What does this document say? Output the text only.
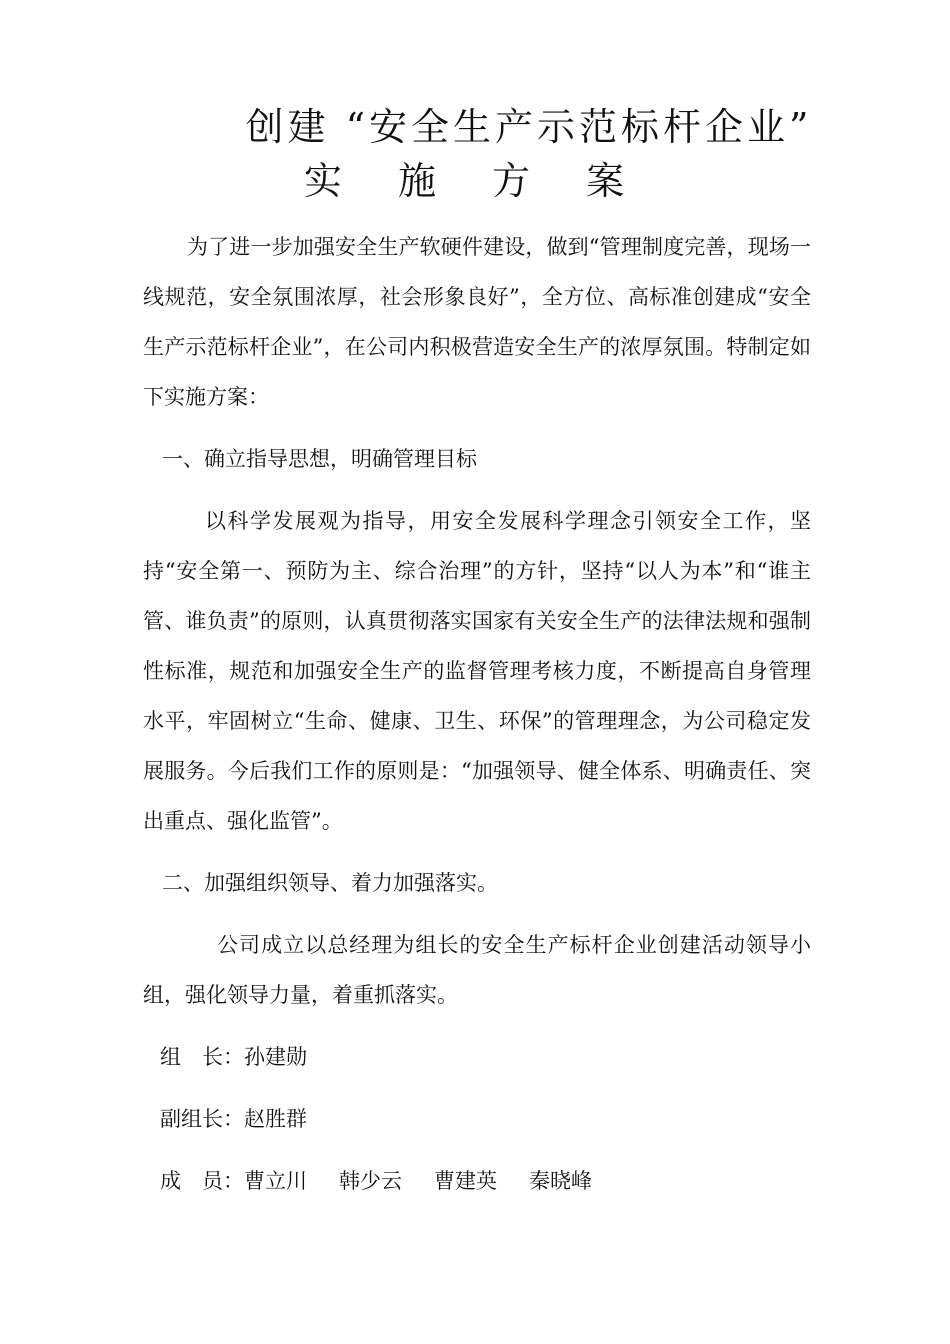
创建 “安全生产示范标杆企业”
实 施 方 案

为了进一步加强安全生产软硬件建设，做到“管理制度完善，现场一线规范，安全氛围浓厚，社会形象良好”，全方位、高标准创建成“安全生产示范标杆企业”，在公司内积极营造安全生产的浓厚氛围。特制定如下实施方案：

一、确立指导思想，明确管理目标

以科学发展观为指导，用安全发展科学理念引领安全工作，坚持“安全第一、预防为主、综合治理”的方针，坚持“以人为本”和“谁主管、谁负责”的原则，认真贯彻落实国家有关安全生产的法律法规和强制性标准，规范和加强安全生产的监督管理考核力度，不断提高自身管理水平，牢固树立“生命、健康、卫生、环保”的管理理念，为公司稳定发展服务。今后我们工作的原则是：“加强领导、健全体系、明确责任、突出重点、强化监管”。

二、加强组织领导、着力加强落实。

公司成立以总经理为组长的安全生产标杆企业创建活动领导小组，强化领导力量，着重抓落实。

组　长：孙建勋

副组长：赵胜群

成　员：曹立川 韩少云 曹建英 秦晓峰
